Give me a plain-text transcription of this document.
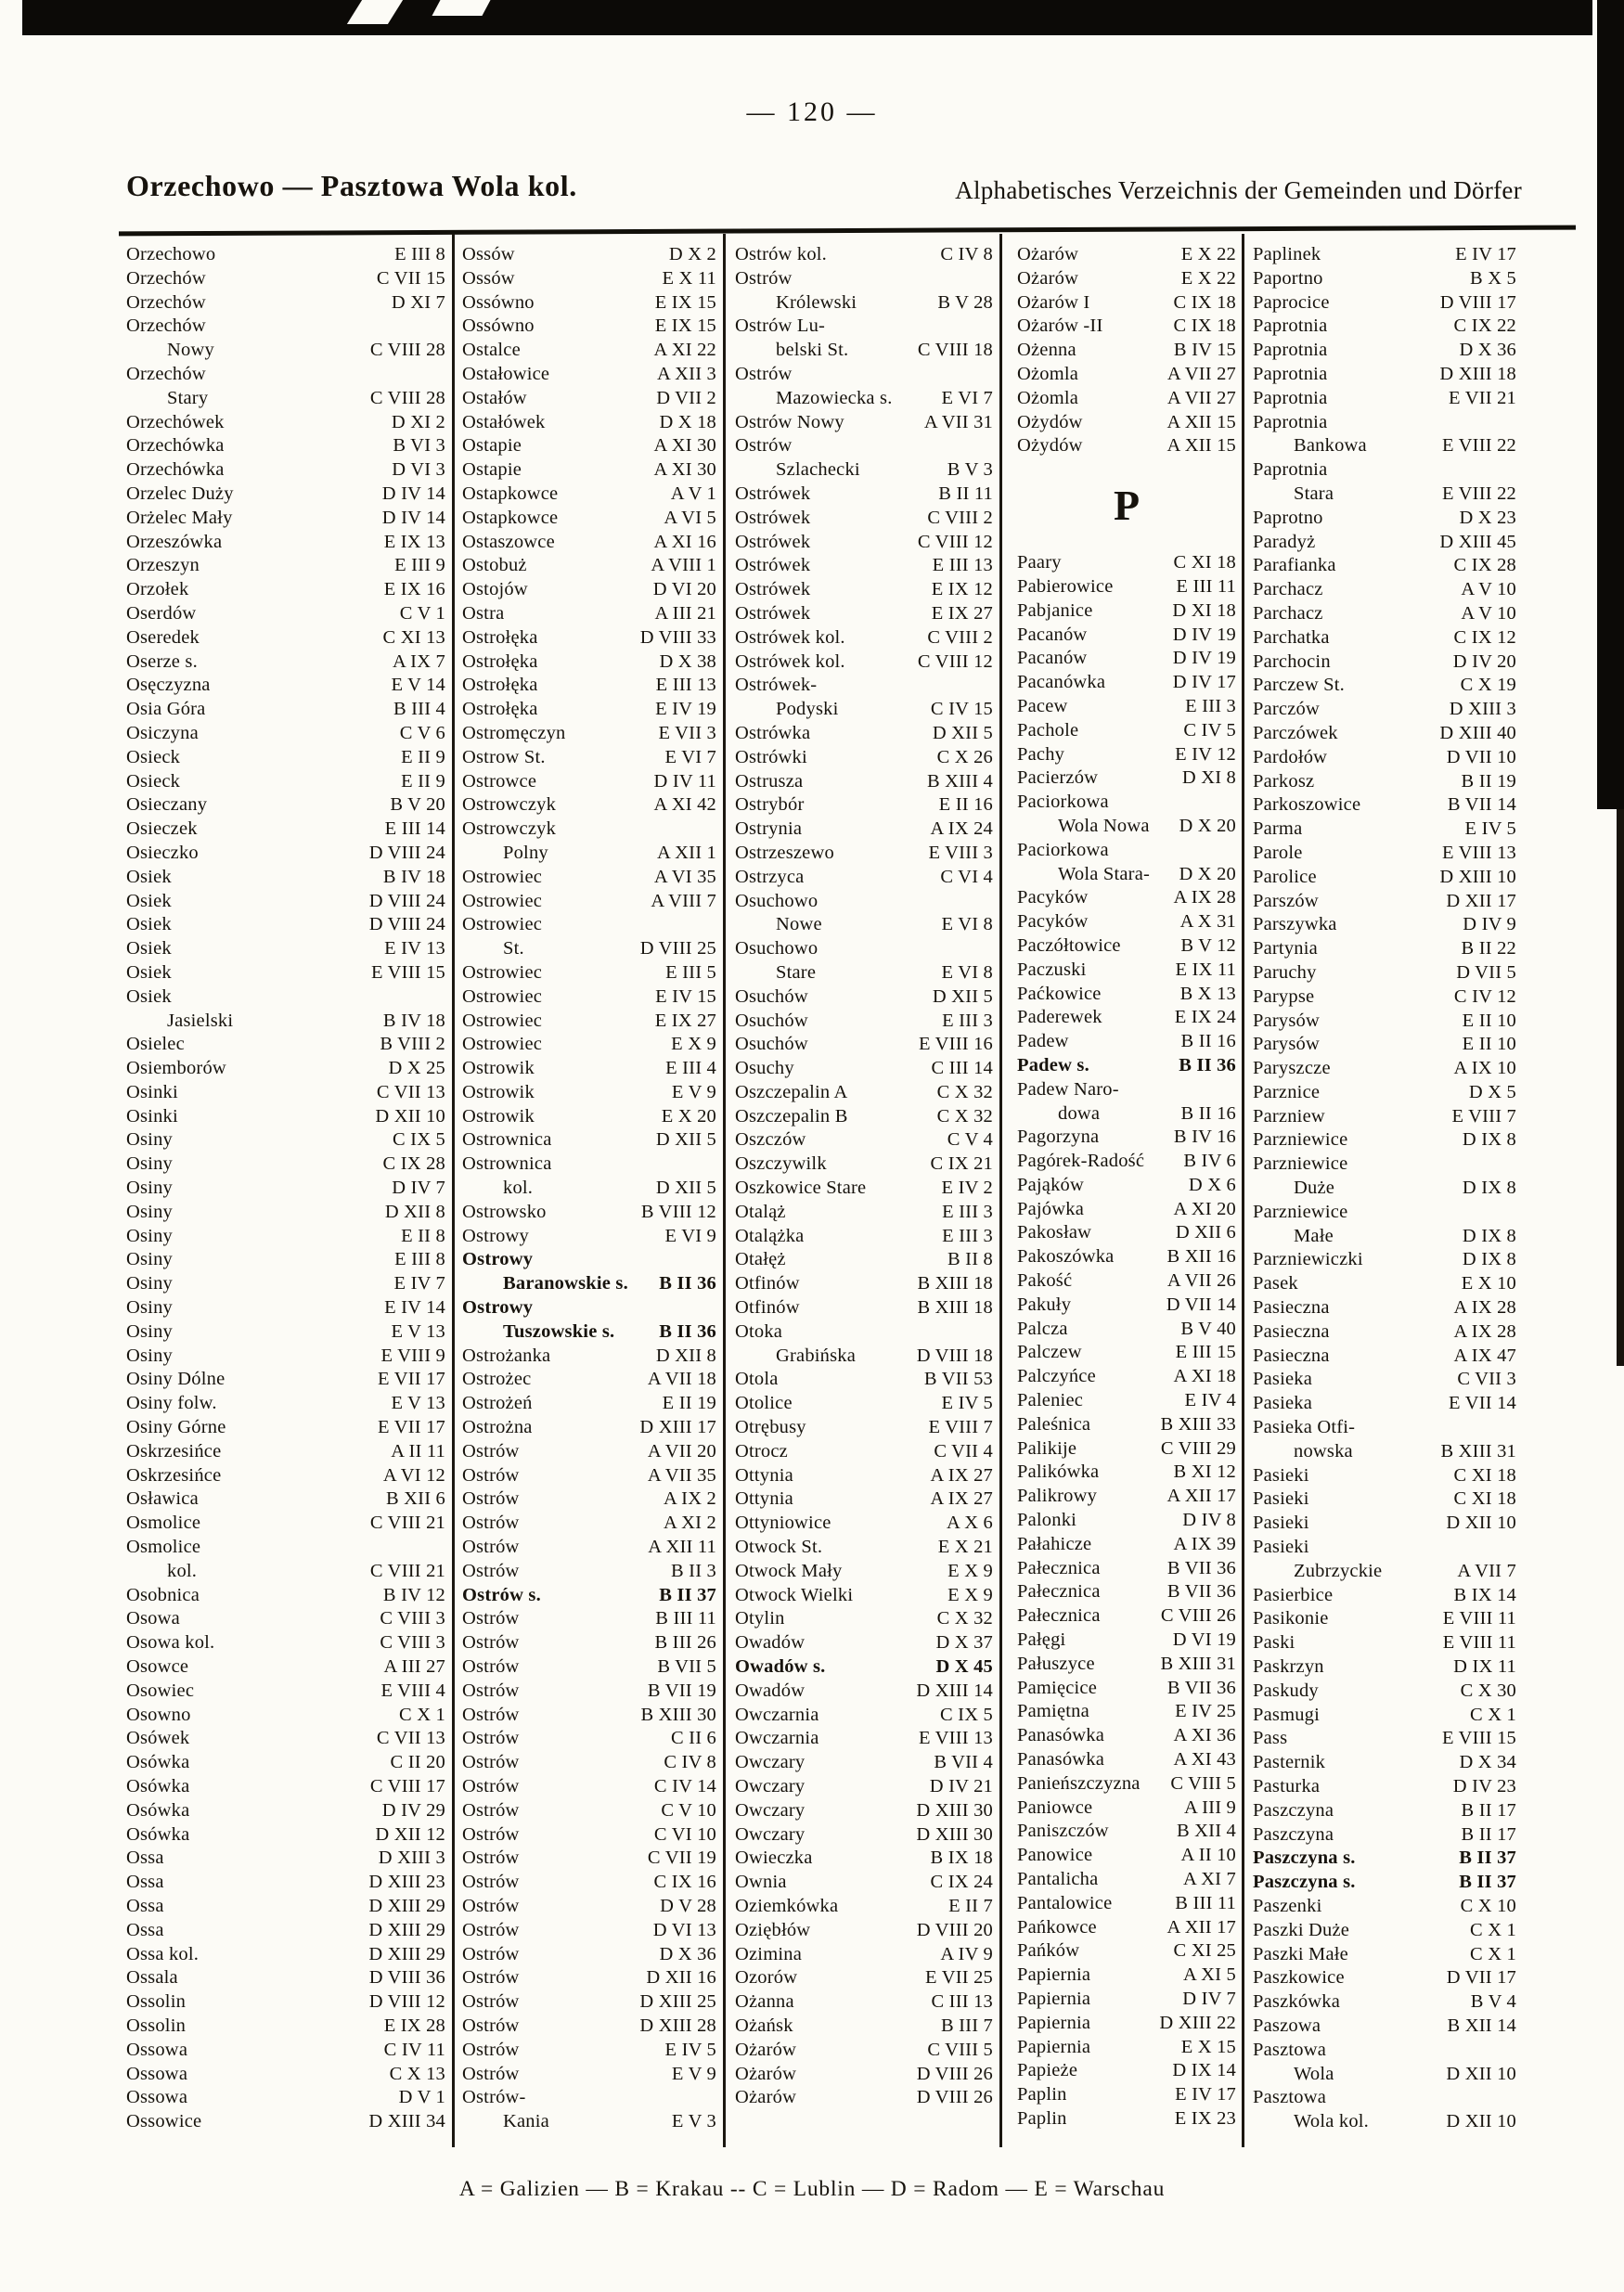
— 120 —
Orzechowo — Pasztowa Wola kol.	Alphabetisches Verzeichnis der Gemeinden und Dörfer
Orzechowo	E III 8
Orzechów	C VII 15
Orzechów	D XI 7
Orzechów
Nowy	C VIII 28
Orzechów
Stary	C VIII 28
Orzechówek	D XI 2
Orzechówka	B VI 3
Orzechówka	D VI 3
Orzelec Duży	D IV 14
Orżelec Mały	D IV 14
Orzeszówka	E IX 13
Orzeszyn	E III 9
Orzołek	E IX 16
Oserdów	C V 1
Oseredek	C XI 13
Oserze s.	A IX 7
Osęczyzna	E V 14
Osia Góra	B III 4
Osiczyna	C V 6
Osieck	E II 9
Osieck	E II 9
Osieczany	B V 20
Osieczek	E III 14
Osieczko	D VIII 24
Osiek	B IV 18
Osiek	D VIII 24
Osiek	D VIII 24
Osiek	E IV 13
Osiek	E VIII 15
Osiek
Jasielski	B IV 18
Osielec	B VIII 2
Osiemborów	D X 25
Osinki	C VII 13
Osinki	D XII 10
Osiny	C IX 5
Osiny	C IX 28
Osiny	D IV 7
Osiny	D XII 8
Osiny	E II 8
Osiny	E III 8
Osiny	E IV 7
Osiny	E IV 14
Osiny	E V 13
Osiny	E VIII 9
Osiny Dólne	E VII 17
Osiny folw.	E V 13
Osiny Górne	E VII 17
Oskrzesińce	A II 11
Oskrzesińce	A VI 12
Osławica	B XII 6
Osmolice	C VIII 21
Osmolice
kol.	C VIII 21
Osobnica	B IV 12
Osowa	C VIII 3
Osowa kol.	C VIII 3
Osowce	A III 27
Osowiec	E VIII 4
Osowno	C X 1
Osówek	C VII 13
Osówka	C II 20
Osówka	C VIII 17
Osówka	D IV 29
Osówka	D XII 12
Ossa	D XIII 3
Ossa	D XIII 23
Ossa	D XIII 29
Ossa	D XIII 29
Ossa kol.	D XIII 29
Ossala	D VIII 36
Ossolin	D VIII 12
Ossolin	E IX 28
Ossowa	C IV 11
Ossowa	C X 13
Ossowa	D V 1
Ossowice	D XIII 34
Ossów	D X 2
Ossów	E X 11
Ossówno	E IX 15
Ossówno	E IX 15
Ostalce	A XI 22
Ostałowice	A XII 3
Ostałów	D VII 2
Ostałówek	D X 18
Ostapie	A XI 30
Ostapie	A XI 30
Ostapkowce	A V 1
Ostapkowce	A VI 5
Ostaszowce	A XI 16
Ostobuż	A VIII 1
Ostojów	D VI 20
Ostra	A III 21
Ostrołęka	D VIII 33
Ostrołęka	D X 38
Ostrołęka	E III 13
Ostrołęka	E IV 19
Ostromęczyn	E VII 3
Ostrow St.	E VI 7
Ostrowce	D IV 11
Ostrowczyk	A XI 42
Ostrowczyk
Polny	A XII 1
Ostrowiec	A VI 35
Ostrowiec	A VIII 7
Ostrowiec
St.	D VIII 25
Ostrowiec	E III 5
Ostrowiec	E IV 15
Ostrowiec	E IX 27
Ostrowiec	E X 9
Ostrowik	E III 4
Ostrowik	E V 9
Ostrowik	E X 20
Ostrownica	D XII 5
Ostrownica
kol.	D XII 5
Ostrowsko	B VIII 12
Ostrowy	E VI 9
Ostrowy
Baranowskie s. B II 36
Ostrowy
Tuszowskie s. B II 36
Ostrożanka	D XII 8
Ostrożec	A VII 18
Ostrożeń	E II 19
Ostrożna	D XIII 17
Ostrów	A VII 20
Ostrów	A VII 35
Ostrów	A IX 2
Ostrów	A XI 2
Ostrów	A XII 11
Ostrów	B II 3
Ostrów s.	B II 37
Ostrów	B III 11
Ostrów	B III 26
Ostrów	B VII 5
Ostrów	B VII 19
Ostrów	B XIII 30
Ostrów	C II 6
Ostrów	C IV 8
Ostrów	C IV 14
Ostrów	C V 10
Ostrów	C VI 10
Ostrów	C VII 19
Ostrów	C IX 16
Ostrów	D V 28
Ostrów	D VI 13
Ostrów	D X 36
Ostrów	D XII 16
Ostrów	D XIII 25
Ostrów	D XIII 28
Ostrów	E IV 5
Ostrów	E V 9
Ostrów-
Kania	E V 3
Ostrów kol.	C IV 8
Ostrów
Królewski	B V 28
Ostrów Lu-
belski St.	C VIII 18
Ostrów
Mazowiecka s.	E VI 7
Ostrów Nowy	A VII 31
Ostrów
Szlachecki	B V 3
Ostrówek	B II 11
Ostrówek	C VIII 2
Ostrówek	C VIII 12
Ostrówek	E III 13
Ostrówek	E IX 12
Ostrówek	E IX 27
Ostrówek kol.	C VIII 2
Ostrówek kol.	C VIII 12
Ostrówek-
Podyski	C IV 15
Ostrówka	D XII 5
Ostrówki	C X 26
Ostrusza	B XIII 4
Ostrybór	E II 16
Ostrynia	A IX 24
Ostrzeszewo	E VIII 3
Ostrzyca	C VI 4
Osuchowo
Nowe	E VI 8
Osuchowo
Stare	E VI 8
Osuchów	D XII 5
Osuchów	E III 3
Osuchów	E VIII 16
Osuchy	C III 14
Oszczepalin A	C X 32
Oszczepalin B	C X 32
Oszczów	C V 4
Oszczywilk	C IX 21
Oszkowice Stare	E IV 2
Otaląż	E III 3
Otalążka	E III 3
Otałęż	B II 8
Otfinów	B XIII 18
Otfinów	B XIII 18
Otoka
Grabińska	D VIII 18
Otola	B VII 53
Otolice	E IV 5
Otrębusy	E VIII 7
Otrocz	C VII 4
Ottynia	A IX 27
Ottynia	A IX 27
Ottyniowice	A X 6
Otwock St.	E X 21
Otwock Mały	E X 9
Otwock Wielki	E X 9
Otylin	C X 32
Owadów	D X 37
Owadów s.	D X 45
Owadów	D XIII 14
Owczarnia	C IX 5
Owczarnia	E VIII 13
Owczary	B VII 4
Owczary	D IV 21
Owczary	D XIII 30
Owczary	D XIII 30
Owieczka	B IX 18
Ownia	C IX 24
Oziemkówka	E II 7
Oziębłów	D VIII 20
Ozimina	A IV 9
Ozorów	E VII 25
Ożanna	C III 13
Ożańsk	B III 7
Ożarów	C VIII 5
Ożarów	D VIII 26
Ożarów	D VIII 26
Ożarów	E X 22
Ożarów	E X 22
Ożarów I	C IX 18
Ożarów -II	C IX 18
Ożenna	B IV 15
Ożomla	A VII 27
Ożomla	A VII 27
Ożydów	A XII 15
Ożydów	A XII 15
P
Paary	C XI 18
Pabierowice	E III 11
Pabjanice	D XI 18
Pacanów	D IV 19
Pacanów	D IV 19
Pacanówka	D IV 17
Pacew	E III 3
Pachole	C IV 5
Pachy	E IV 12
Pacierzów	D XI 8
Paciorkowa
Wola Nowa D X 20
Paciorkowa
Wola Stara- D X 20
Pacyków	A IX 28
Pacyków	A X 31
Paczółtowice	B V 12
Paczuski	E IX 11
Paćkowice	B X 13
Paderewek	E IX 24
Padew	B II 16
Padew s.	B II 36
Padew Naro-
dowa	B II 16
Pagorzyna	B IV 16
Pagórek-Radość B IV 6
Pająków	D X 6
Pajówka	A XI 20
Pakosław	D XII 6
Pakoszówka	B XII 16
Pakość	A VII 26
Pakuły	D VII 14
Palcza	B V 40
Palczew	E III 15
Palczyńce	A XI 18
Paleniec	E IV 4
Paleśnica	B XIII 33
Palikije	C VIII 29
Palikówka	B XI 12
Palikrowy	A XII 17
Palonki	D IV 8
Pałahicze	A IX 39
Pałecznica	B VII 36
Pałecznica	B VII 36
Pałecznica	C VIII 26
Pałęgi	D VI 19
Pałuszyce	B XIII 31
Pamięcice	B VII 36
Pamiętna	E IV 25
Panasówka	A XI 36
Panasówka	A XI 43
Panieńszczyzna C VIII 5
Paniowce	A III 9
Paniszczów	B XII 4
Panowice	A II 10
Pantalicha	A XI 7
Pantalowice	B III 11
Pańkowce	A XII 17
Pańków	C XI 25
Papiernia	A XI 5
Papiernia	D IV 7
Papiernia	D XIII 22
Papiernia	E X 15
Papieże	D IX 14
Paplin	E IV 17
Paplin	E IX 23
Paplinek	E IV 17
Paportno	B X 5
Paprocice	D VIII 17
Paprotnia	C IX 22
Paprotnia	D X 36
Paprotnia	D XIII 18
Paprotnia	E VII 21
Paprotnia
Bankowa	E VIII 22
Paprotnia
Stara	E VIII 22
Paprotno	D X 23
Paradyż	D XIII 45
Parafianka	C IX 28
Parchacz	A V 10
Parchacz	A V 10
Parchatka	C IX 12
Parchocin	D IV 20
Parczew St.	C X 19
Parczów	D XIII 3
Parczówek	D XIII 40
Pardołów	D VII 10
Parkosz	B II 19
Parkoszowice	B VII 14
Parma	E IV 5
Parole	E VIII 13
Parolice	D XIII 10
Parszów	D XII 17
Parszywka	D IV 9
Partynia	B II 22
Paruchy	D VII 5
Parypse	C IV 12
Parysów	E II 10
Parysów	E II 10
Paryszcze	A IX 10
Parznice	D X 5
Parzniew	E VIII 7
Parzniewice	D IX 8
Parzniewice
Duże	D IX 8
Parzniewice
Małe	D IX 8
Parzniewiczki	D IX 8
Pasek	E X 10
Pasieczna	A IX 28
Pasieczna	A IX 28
Pasieczna	A IX 47
Pasieka	C VII 3
Pasieka	E VII 14
Pasieka Otfi-
nowska	B XIII 31
Pasieki	C XI 18
Pasieki	C XI 18
Pasieki	D XII 10
Pasieki
Zubrzyckie	A VII 7
Pasierbice	B IX 14
Pasikonie	E VIII 11
Paski	E VIII 11
Paskrzyn	D IX 11
Paskudy	C X 30
Pasmugi	C X 1
Pass	E VIII 15
Pasternik	D X 34
Pasturka	D IV 23
Paszczyna	B II 17
Paszczyna	B II 17
Paszczyna s.	B II 37
Paszczyna s.	B II 37
Paszenki	C X 10
Paszki Duże	C X 1
Paszki Małe	C X 1
Paszkowice	D VII 17
Paszkówka	B V 4
Paszowa	B XII 14
Pasztowa
Wola	D XII 10
Pasztowa
Wola kol.	D XII 10
A = Galizien — B = Krakau -- C = Lublin — D = Radom — E = Warschau
